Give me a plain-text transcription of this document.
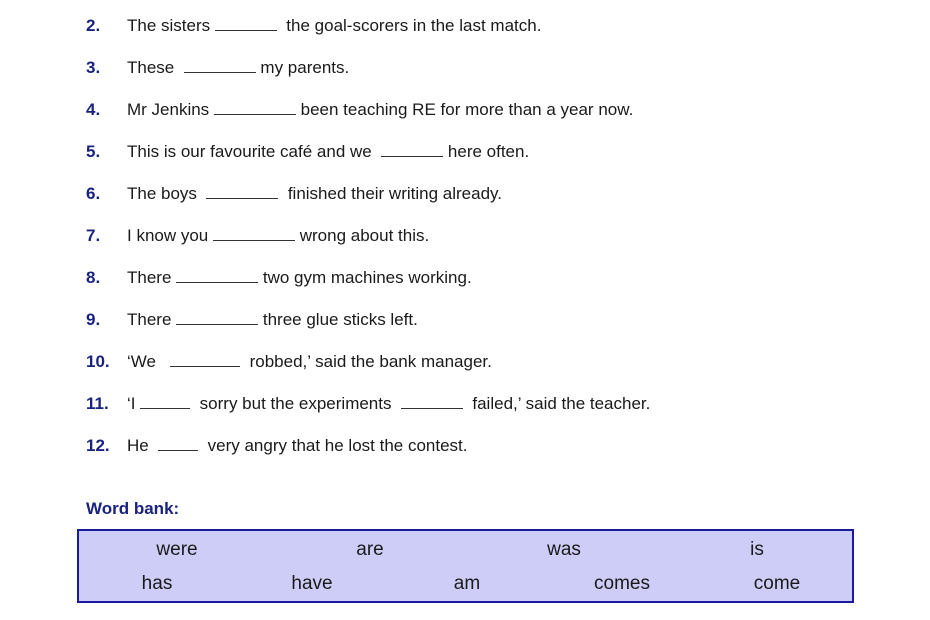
2. The sisters	the goal-scorers in the last match.
3. These	my parents.
4. Mr Jenkins	been teaching RE for more than a year now.
5. This is our favourite café and we	here often.
6. The boys	finished their writing already.
7. I know you	wrong about this.
8. There	two gym machines working.
9. There	three glue sticks left.
10. ‘We	robbed,’ said the bank manager.
11. ‘I	sorry but the experiments	failed,’ said the teacher.
12. He    very angry that he lost the contest.
Word bank:
were	are	was	is
has	have	am	comes	come
